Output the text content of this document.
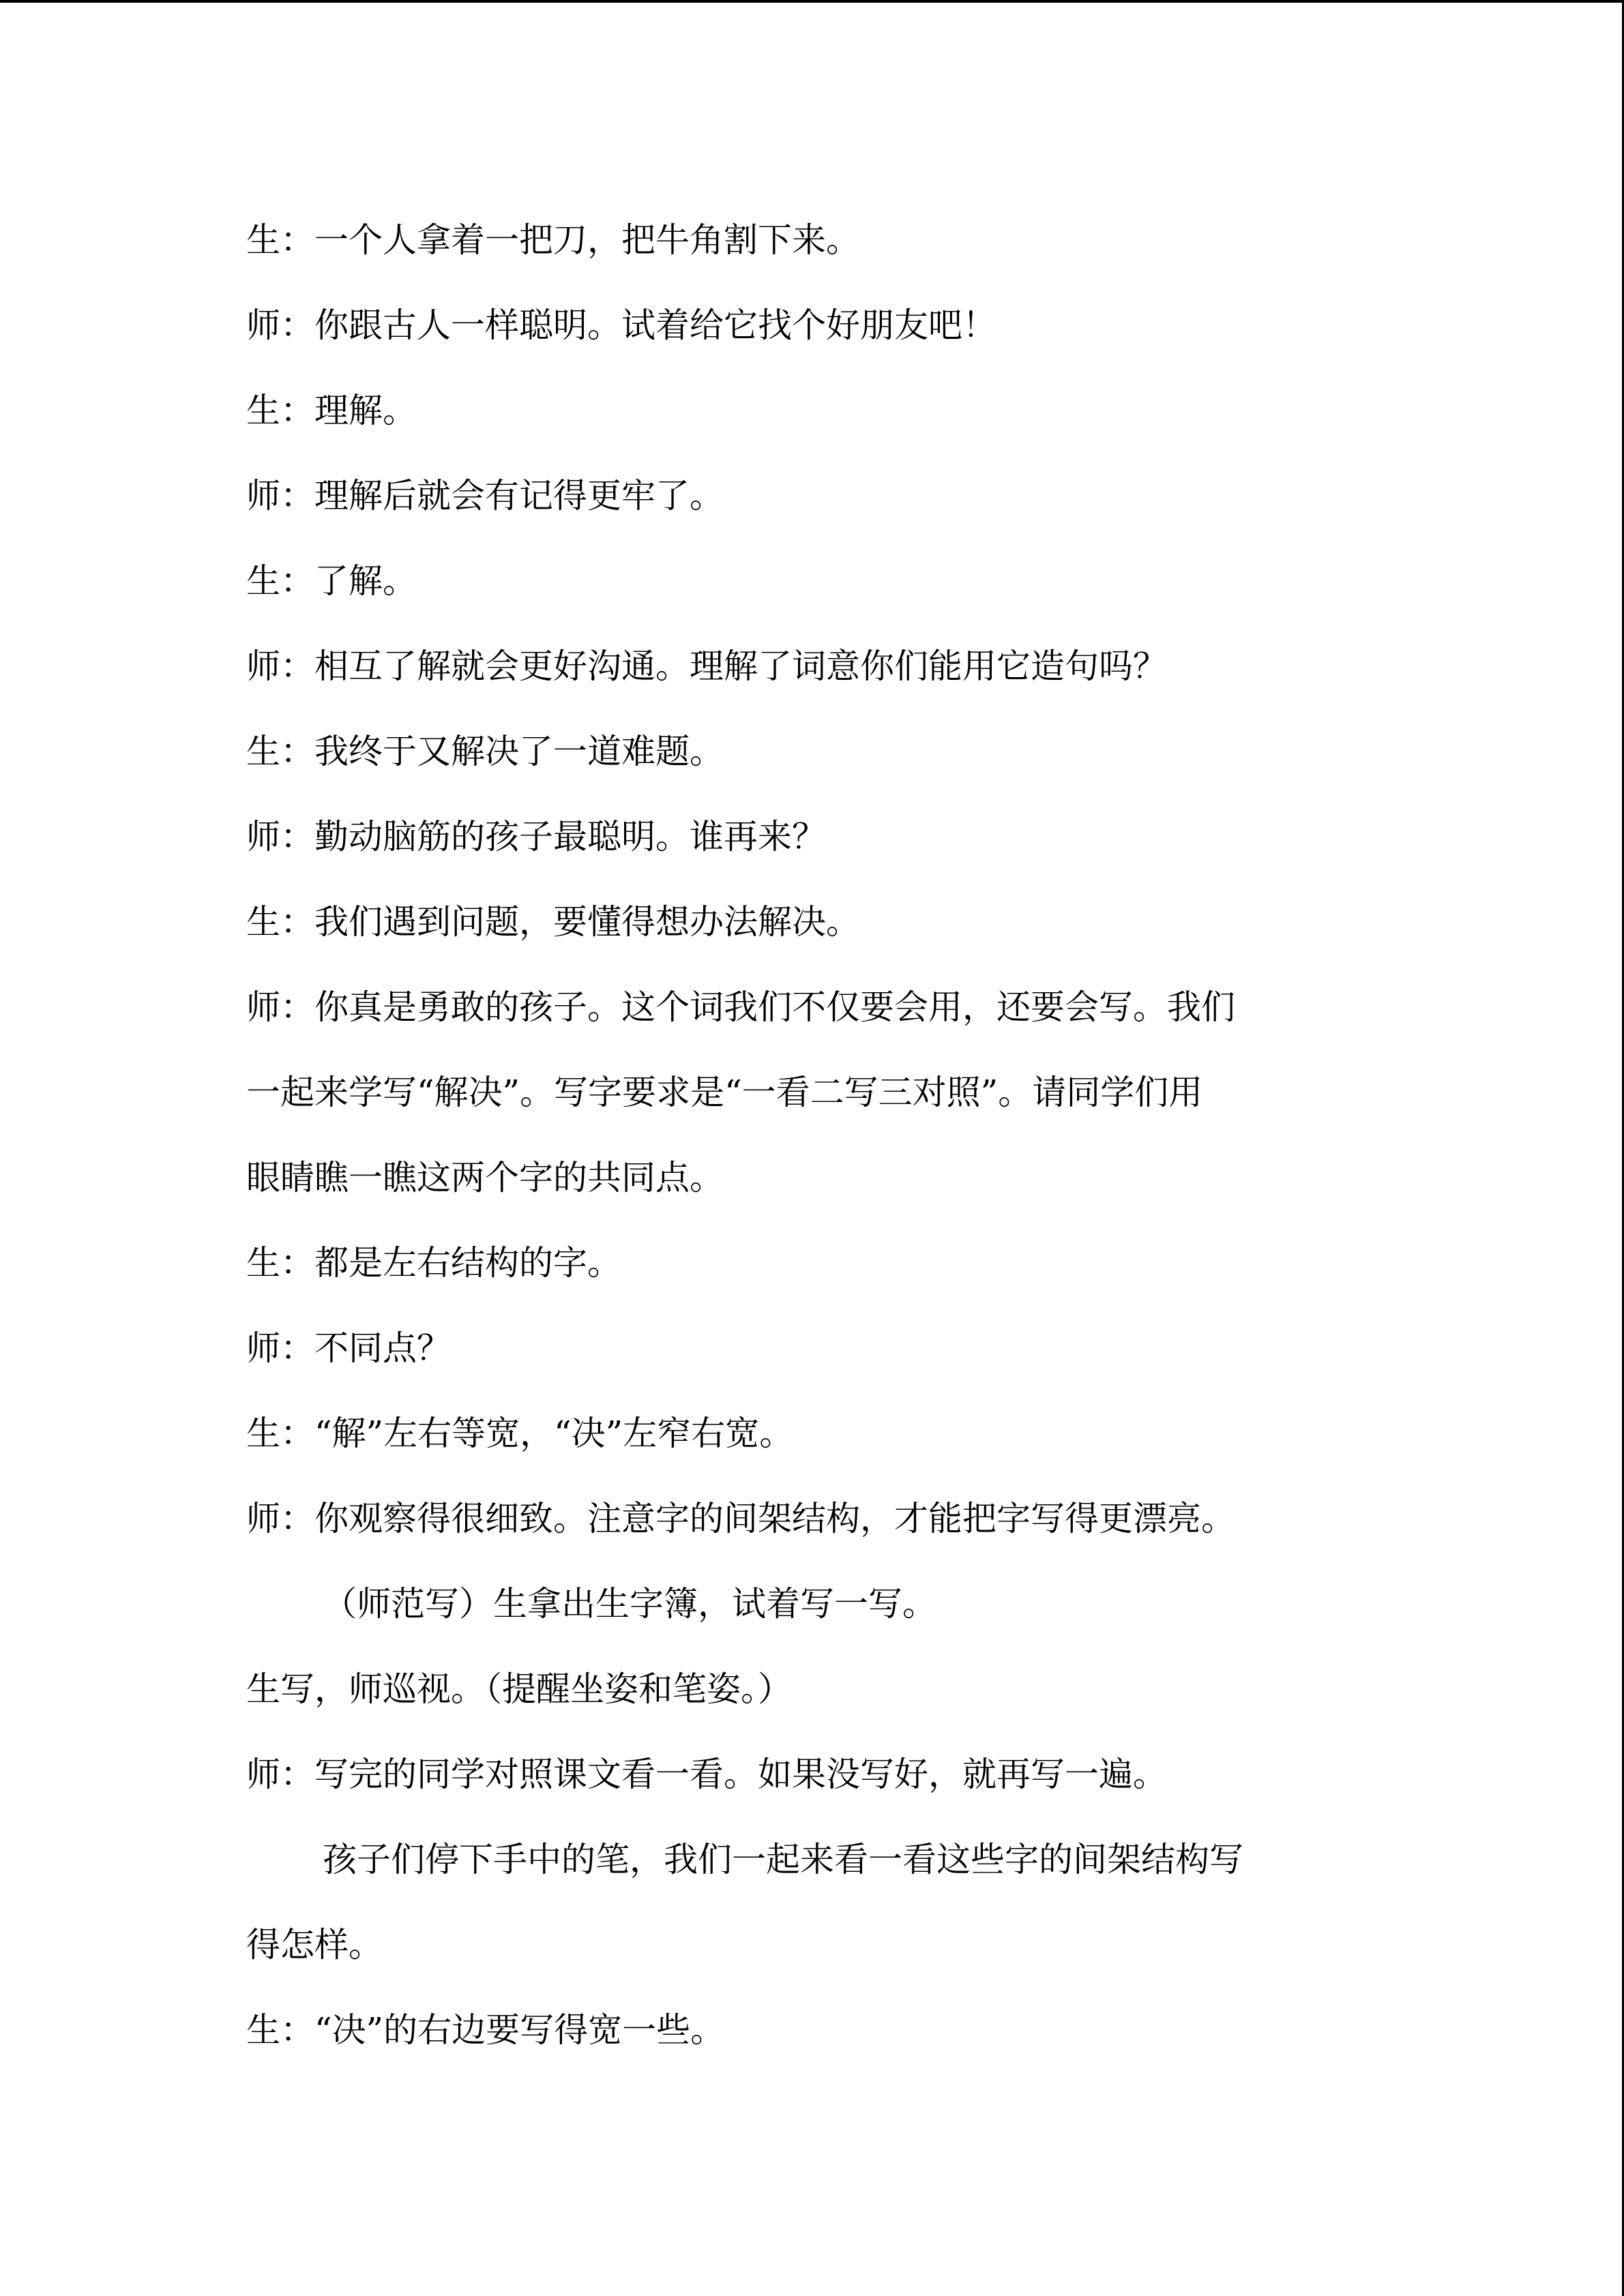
生：一个人拿着一把刀，把牛角割下来。
师：你跟古人一样聪明。试着给它找个好朋友吧！
生：理解。
师：理解后就会有记得更牢了。
生：了解。
师：相互了解就会更好沟通。理解了词意你们能用它造句吗？
生：我终于又解决了一道难题。
师：勤动脑筋的孩子最聪明。谁再来？
生：我们遇到问题，要懂得想办法解决。
师：你真是勇敢的孩子。这个词我们不仅要会用，还要会写。我们
一起来学写“解决”。写字要求是“一看二写三对照”。请同学们用
眼睛瞧一瞧这两个字的共同点。
生：都是左右结构的字。
师：不同点？
生：“解”左右等宽，“决”左窄右宽。
师：你观察得很细致。注意字的间架结构，才能把字写得更漂亮。
（师范写）生拿出生字簿，试着写一写。
生写，师巡视。（提醒坐姿和笔姿。）
师：写完的同学对照课文看一看。如果没写好，就再写一遍。
孩子们停下手中的笔，我们一起来看一看这些字的间架结构写
得怎样。
生：“决”的右边要写得宽一些。
